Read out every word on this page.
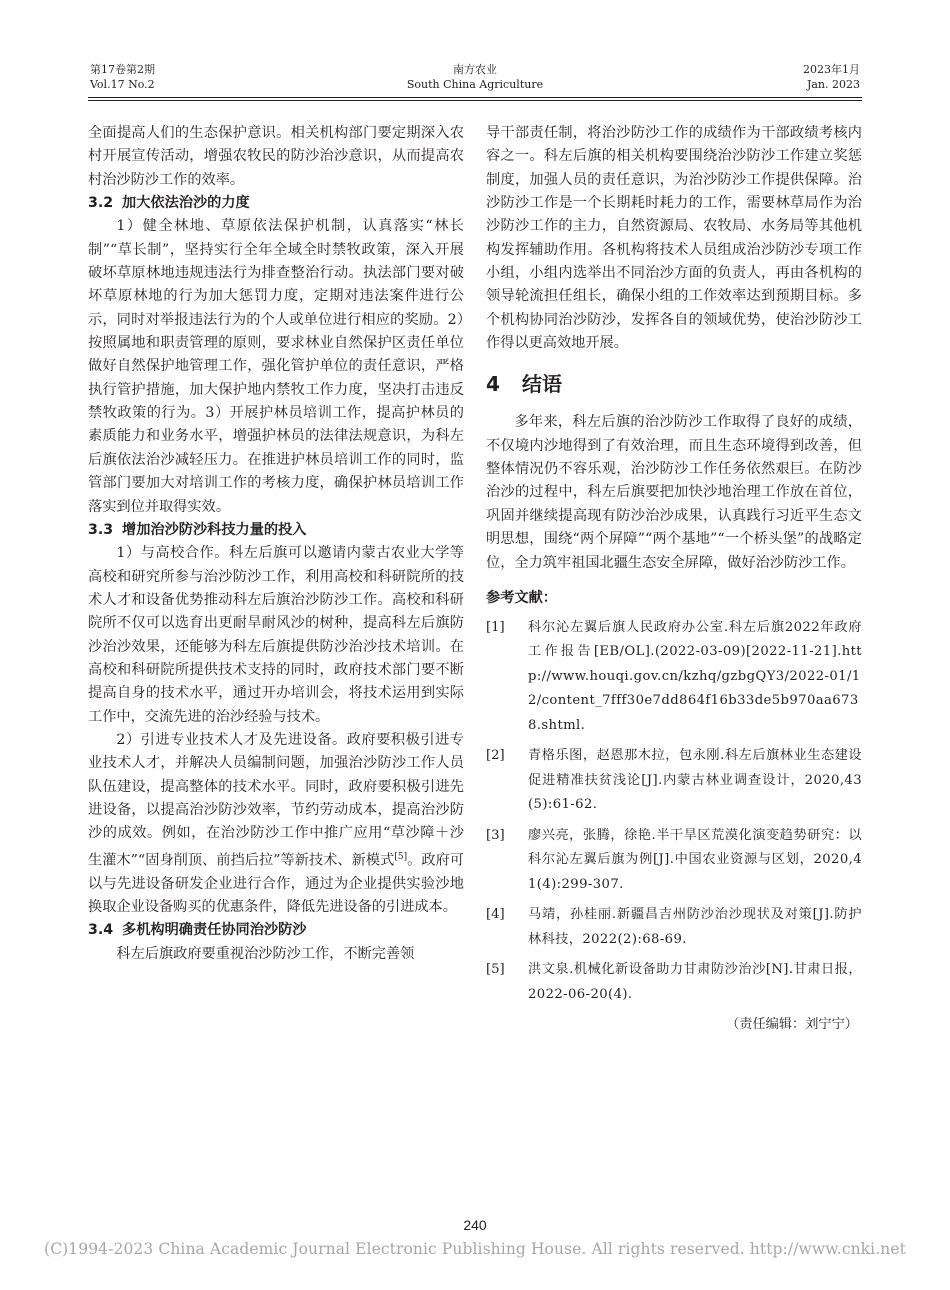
第17卷第2期
Vol.17 No.2
南方农业
South China Agriculture
2023年1月
Jan. 2023

全面提高人们的生态保护意识。相关机构部门要定期深入农村开展宣传活动，增强农牧民的防沙治沙意识，从而提高农村治沙防沙工作的效率。

3.2 加大依法治沙的力度

1）健全林地、草原依法保护机制，认真落实“林长制”“草长制”，坚持实行全年全域全时禁牧政策，深入开展破坏草原林地违规违法行为排查整治行动。执法部门要对破坏草原林地的行为加大惩罚力度，定期对违法案件进行公示，同时对举报违法行为的个人或单位进行相应的奖励。2）按照属地和职责管理的原则，要求林业自然保护区责任单位做好自然保护地管理工作，强化管护单位的责任意识，严格执行管护措施，加大保护地内禁牧工作力度，坚决打击违反禁牧政策的行为。3）开展护林员培训工作，提高护林员的素质能力和业务水平，增强护林员的法律法规意识，为科左后旗依法治沙减轻压力。在推进护林员培训工作的同时，监管部门要加大对培训工作的考核力度，确保护林员培训工作落实到位并取得实效。

3.3 增加治沙防沙科技力量的投入

1）与高校合作。科左后旗可以邀请内蒙古农业大学等高校和研究所参与治沙防沙工作，利用高校和科研院所的技术人才和设备优势推动科左后旗治沙防沙工作。高校和科研院所不仅可以选育出更耐旱耐风沙的树种，提高科左后旗防沙治沙效果，还能够为科左后旗提供防沙治沙技术培训。在高校和科研院所提供技术支持的同时，政府技术部门要不断提高自身的技术水平，通过开办培训会，将技术运用到实际工作中，交流先进的治沙经验与技术。

2）引进专业技术人才及先进设备。政府要积极引进专业技术人才，并解决人员编制问题，加强治沙防沙工作人员队伍建设，提高整体的技术水平。同时，政府要积极引进先进设备，以提高治沙防沙效率，节约劳动成本，提高治沙防沙的成效。例如，在治沙防沙工作中推广应用“草沙障＋沙生灌木”“固身削顶、前挡后拉”等新技术、新模式[5]。政府可以与先进设备研发企业进行合作，通过为企业提供实验沙地换取企业设备购买的优惠条件，降低先进设备的引进成本。

3.4 多机构明确责任协同治沙防沙

科左后旗政府要重视治沙防沙工作，不断完善领

导干部责任制，将治沙防沙工作的成绩作为干部政绩考核内容之一。科左后旗的相关机构要围绕治沙防沙工作建立奖惩制度，加强人员的责任意识，为治沙防沙工作提供保障。治沙防沙工作是一个长期耗时耗力的工作，需要林草局作为治沙防沙工作的主力，自然资源局、农牧局、水务局等其他机构发挥辅助作用。各机构将技术人员组成治沙防沙专项工作小组，小组内选举出不同治沙方面的负责人，再由各机构的领导轮流担任组长，确保小组的工作效率达到预期目标。多个机构协同治沙防沙，发挥各自的领域优势，使治沙防沙工作得以更高效地开展。

4 结语

多年来，科左后旗的治沙防沙工作取得了良好的成绩，不仅境内沙地得到了有效治理，而且生态环境得到改善，但整体情况仍不容乐观，治沙防沙工作任务依然艰巨。在防沙治沙的过程中，科左后旗要把加快沙地治理工作放在首位，巩固并继续提高现有防沙治沙成果，认真践行习近平生态文明思想，围绕“两个屏障”“两个基地”“一个桥头堡”的战略定位，全力筑牢祖国北疆生态安全屏障，做好治沙防沙工作。

参考文献：
[1]	科尔沁左翼后旗人民政府办公室.科左后旗2022年政府工作报告[EB/OL].(2022-03-09)[2022-11-21].http://www.houqi.gov.cn/kzhq/gzbgQY3/2022-01/12/content_7fff30e7dd864f16b33de5b970aa6738.shtml.
[2]	青格乐图，赵恩那木拉，包永刚.科左后旗林业生态建设促进精准扶贫浅论[J].内蒙古林业调查设计，2020,43(5):61-62.
[3]	廖兴亮，张腾，徐艳.半干旱区荒漠化演变趋势研究：以科尔沁左翼后旗为例[J].中国农业资源与区划，2020,41(4):299-307.
[4]	马靖，孙桂丽.新疆昌吉州防沙治沙现状及对策[J].防护林科技，2022(2):68-69.
[5]	洪文泉.机械化新设备助力甘肃防沙治沙[N].甘肃日报，2022-06-20(4).
（责任编辑：刘宁宁）
240
(C)1994-2023 China Academic Journal Electronic Publishing House. All rights reserved. http://www.cnki.net
